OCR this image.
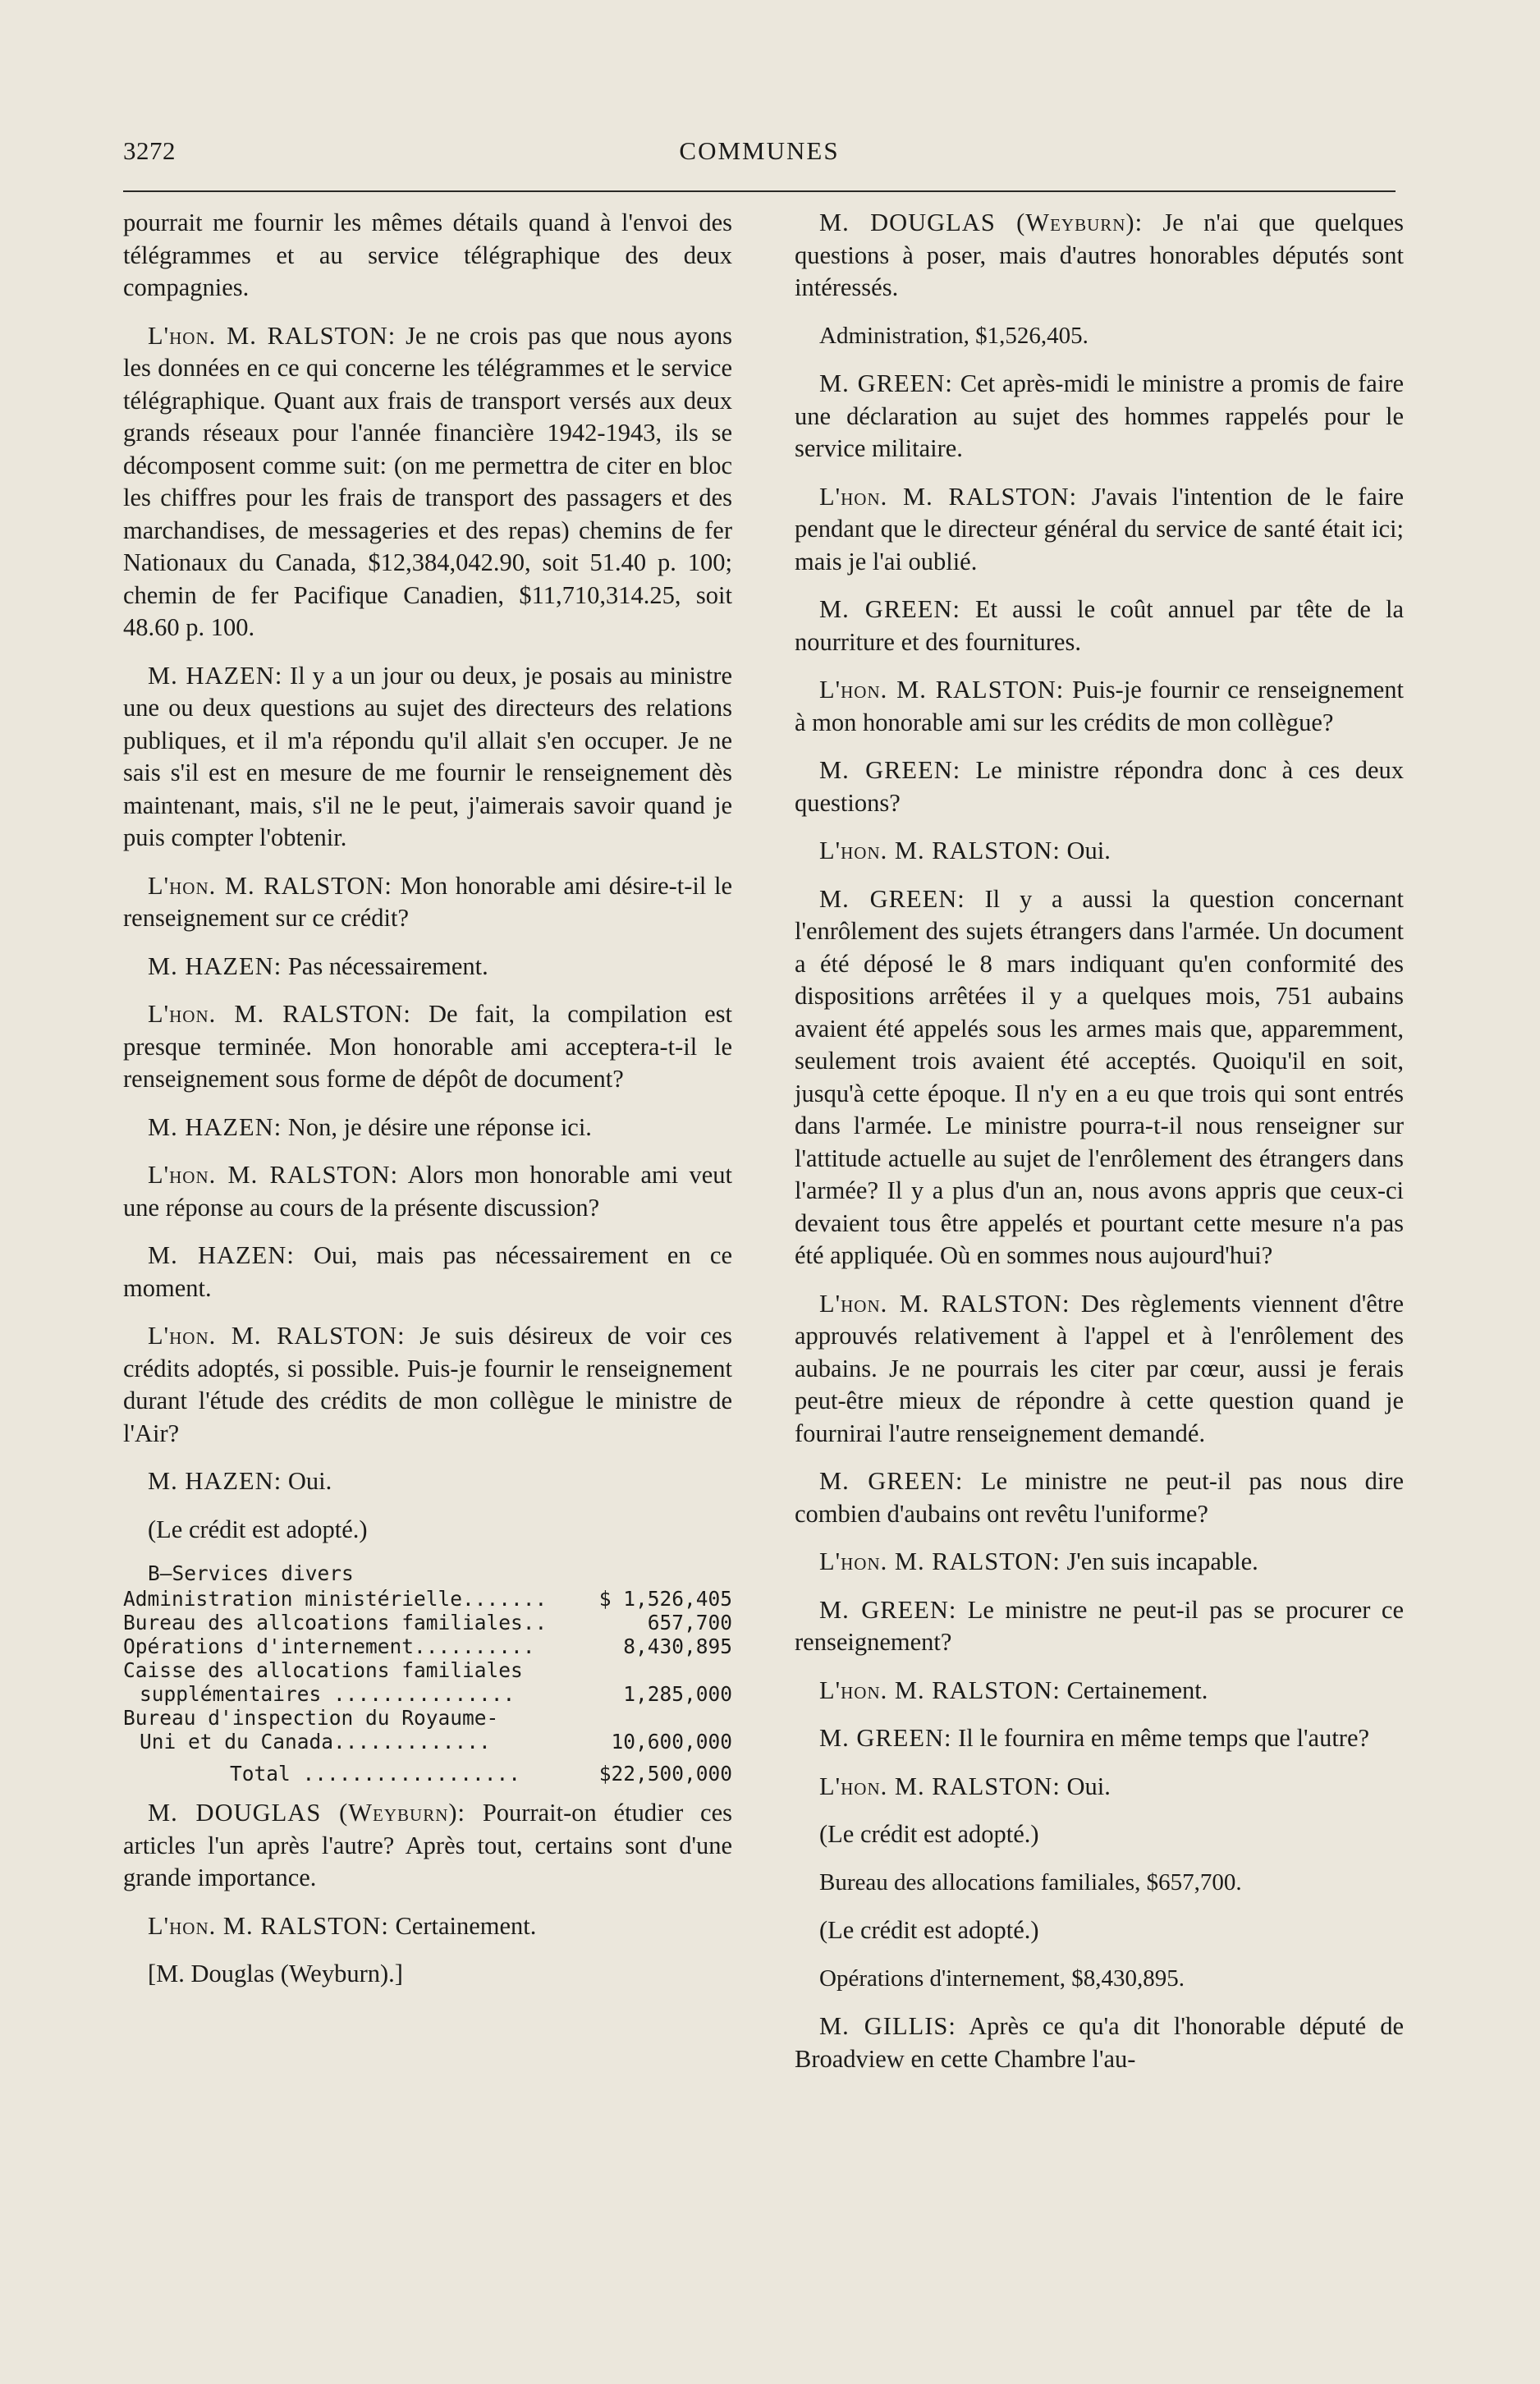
3272	COMMUNES

pourrait me fournir les mêmes détails quand à l'envoi des télégrammes et au service télégraphique des deux compagnies.

L'hon. M. RALSTON: Je ne crois pas que nous ayons les données en ce qui concerne les télégrammes et le service télégraphique. Quant aux frais de transport versés aux deux grands réseaux pour l'année financière 1942-1943, ils se décomposent comme suit: (on me permettra de citer en bloc les chiffres pour les frais de transport des passagers et des marchandises, de messageries et des repas) chemins de fer Nationaux du Canada, $12,384,042.90, soit 51.40 p. 100; chemin de fer Pacifique Canadien, $11,710,314.25, soit 48.60 p. 100.

M. HAZEN: Il y a un jour ou deux, je posais au ministre une ou deux questions au sujet des directeurs des relations publiques, et il m'a répondu qu'il allait s'en occuper. Je ne sais s'il est en mesure de me fournir le renseignement dès maintenant, mais, s'il ne le peut, j'aimerais savoir quand je puis compter l'obtenir.

L'hon. M. RALSTON: Mon honorable ami désire-t-il le renseignement sur ce crédit?

M. HAZEN: Pas nécessairement.

L'hon. M. RALSTON: De fait, la compilation est presque terminée. Mon honorable ami acceptera-t-il le renseignement sous forme de dépôt de document?

M. HAZEN: Non, je désire une réponse ici.

L'hon. M. RALSTON: Alors mon honorable ami veut une réponse au cours de la présente discussion?

M. HAZEN: Oui, mais pas nécessairement en ce moment.

L'hon. M. RALSTON: Je suis désireux de voir ces crédits adoptés, si possible. Puis-je fournir le renseignement durant l'étude des crédits de mon collègue le ministre de l'Air?

M. HAZEN: Oui.

(Le crédit est adopté.)

B—Services divers
Administration ministérielle.......	$ 1,526,405
Bureau des allcoations familiales..	657,700
Opérations d'internement..........	8,430,895
Caisse des allocations familiales
supplémentaires ...............	1,285,000
Bureau d'inspection du Royaume-
Uni et du Canada.............	10,600,000
Total ..................	$22,500,000

M. DOUGLAS (Weyburn): Pourrait-on étudier ces articles l'un après l'autre? Après tout, certains sont d'une grande importance.

L'hon. M. RALSTON: Certainement.

[M. Douglas (Weyburn).]

M. DOUGLAS (Weyburn): Je n'ai que quelques questions à poser, mais d'autres honorables députés sont intéressés.

Administration, $1,526,405.

M. GREEN: Cet après-midi le ministre a promis de faire une déclaration au sujet des hommes rappelés pour le service militaire.

L'hon. M. RALSTON: J'avais l'intention de le faire pendant que le directeur général du service de santé était ici; mais je l'ai oublié.

M. GREEN: Et aussi le coût annuel par tête de la nourriture et des fournitures.

L'hon. M. RALSTON: Puis-je fournir ce renseignement à mon honorable ami sur les crédits de mon collègue?

M. GREEN: Le ministre répondra donc à ces deux questions?

L'hon. M. RALSTON: Oui.

M. GREEN: Il y a aussi la question concernant l'enrôlement des sujets étrangers dans l'armée. Un document a été déposé le 8 mars indiquant qu'en conformité des dispositions arrêtées il y a quelques mois, 751 aubains avaient été appelés sous les armes mais que, apparemment, seulement trois avaient été acceptés. Quoiqu'il en soit, jusqu'à cette époque. Il n'y en a eu que trois qui sont entrés dans l'armée. Le ministre pourra-t-il nous renseigner sur l'attitude actuelle au sujet de l'enrôlement des étrangers dans l'armée? Il y a plus d'un an, nous avons appris que ceux-ci devaient tous être appelés et pourtant cette mesure n'a pas été appliquée. Où en sommes nous aujourd'hui?

L'hon. M. RALSTON: Des règlements viennent d'être approuvés relativement à l'appel et à l'enrôlement des aubains. Je ne pourrais les citer par cœur, aussi je ferais peut-être mieux de répondre à cette question quand je fournirai l'autre renseignement demandé.

M. GREEN: Le ministre ne peut-il pas nous dire combien d'aubains ont revêtu l'uniforme?

L'hon. M. RALSTON: J'en suis incapable.

M. GREEN: Le ministre ne peut-il pas se procurer ce renseignement?

L'hon. M. RALSTON: Certainement.

M. GREEN: Il le fournira en même temps que l'autre?

L'hon. M. RALSTON: Oui.

(Le crédit est adopté.)

Bureau des allocations familiales, $657,700.

(Le crédit est adopté.)

Opérations d'internement, $8,430,895.

M. GILLIS: Après ce qu'a dit l'honorable député de Broadview en cette Chambre l'au-
